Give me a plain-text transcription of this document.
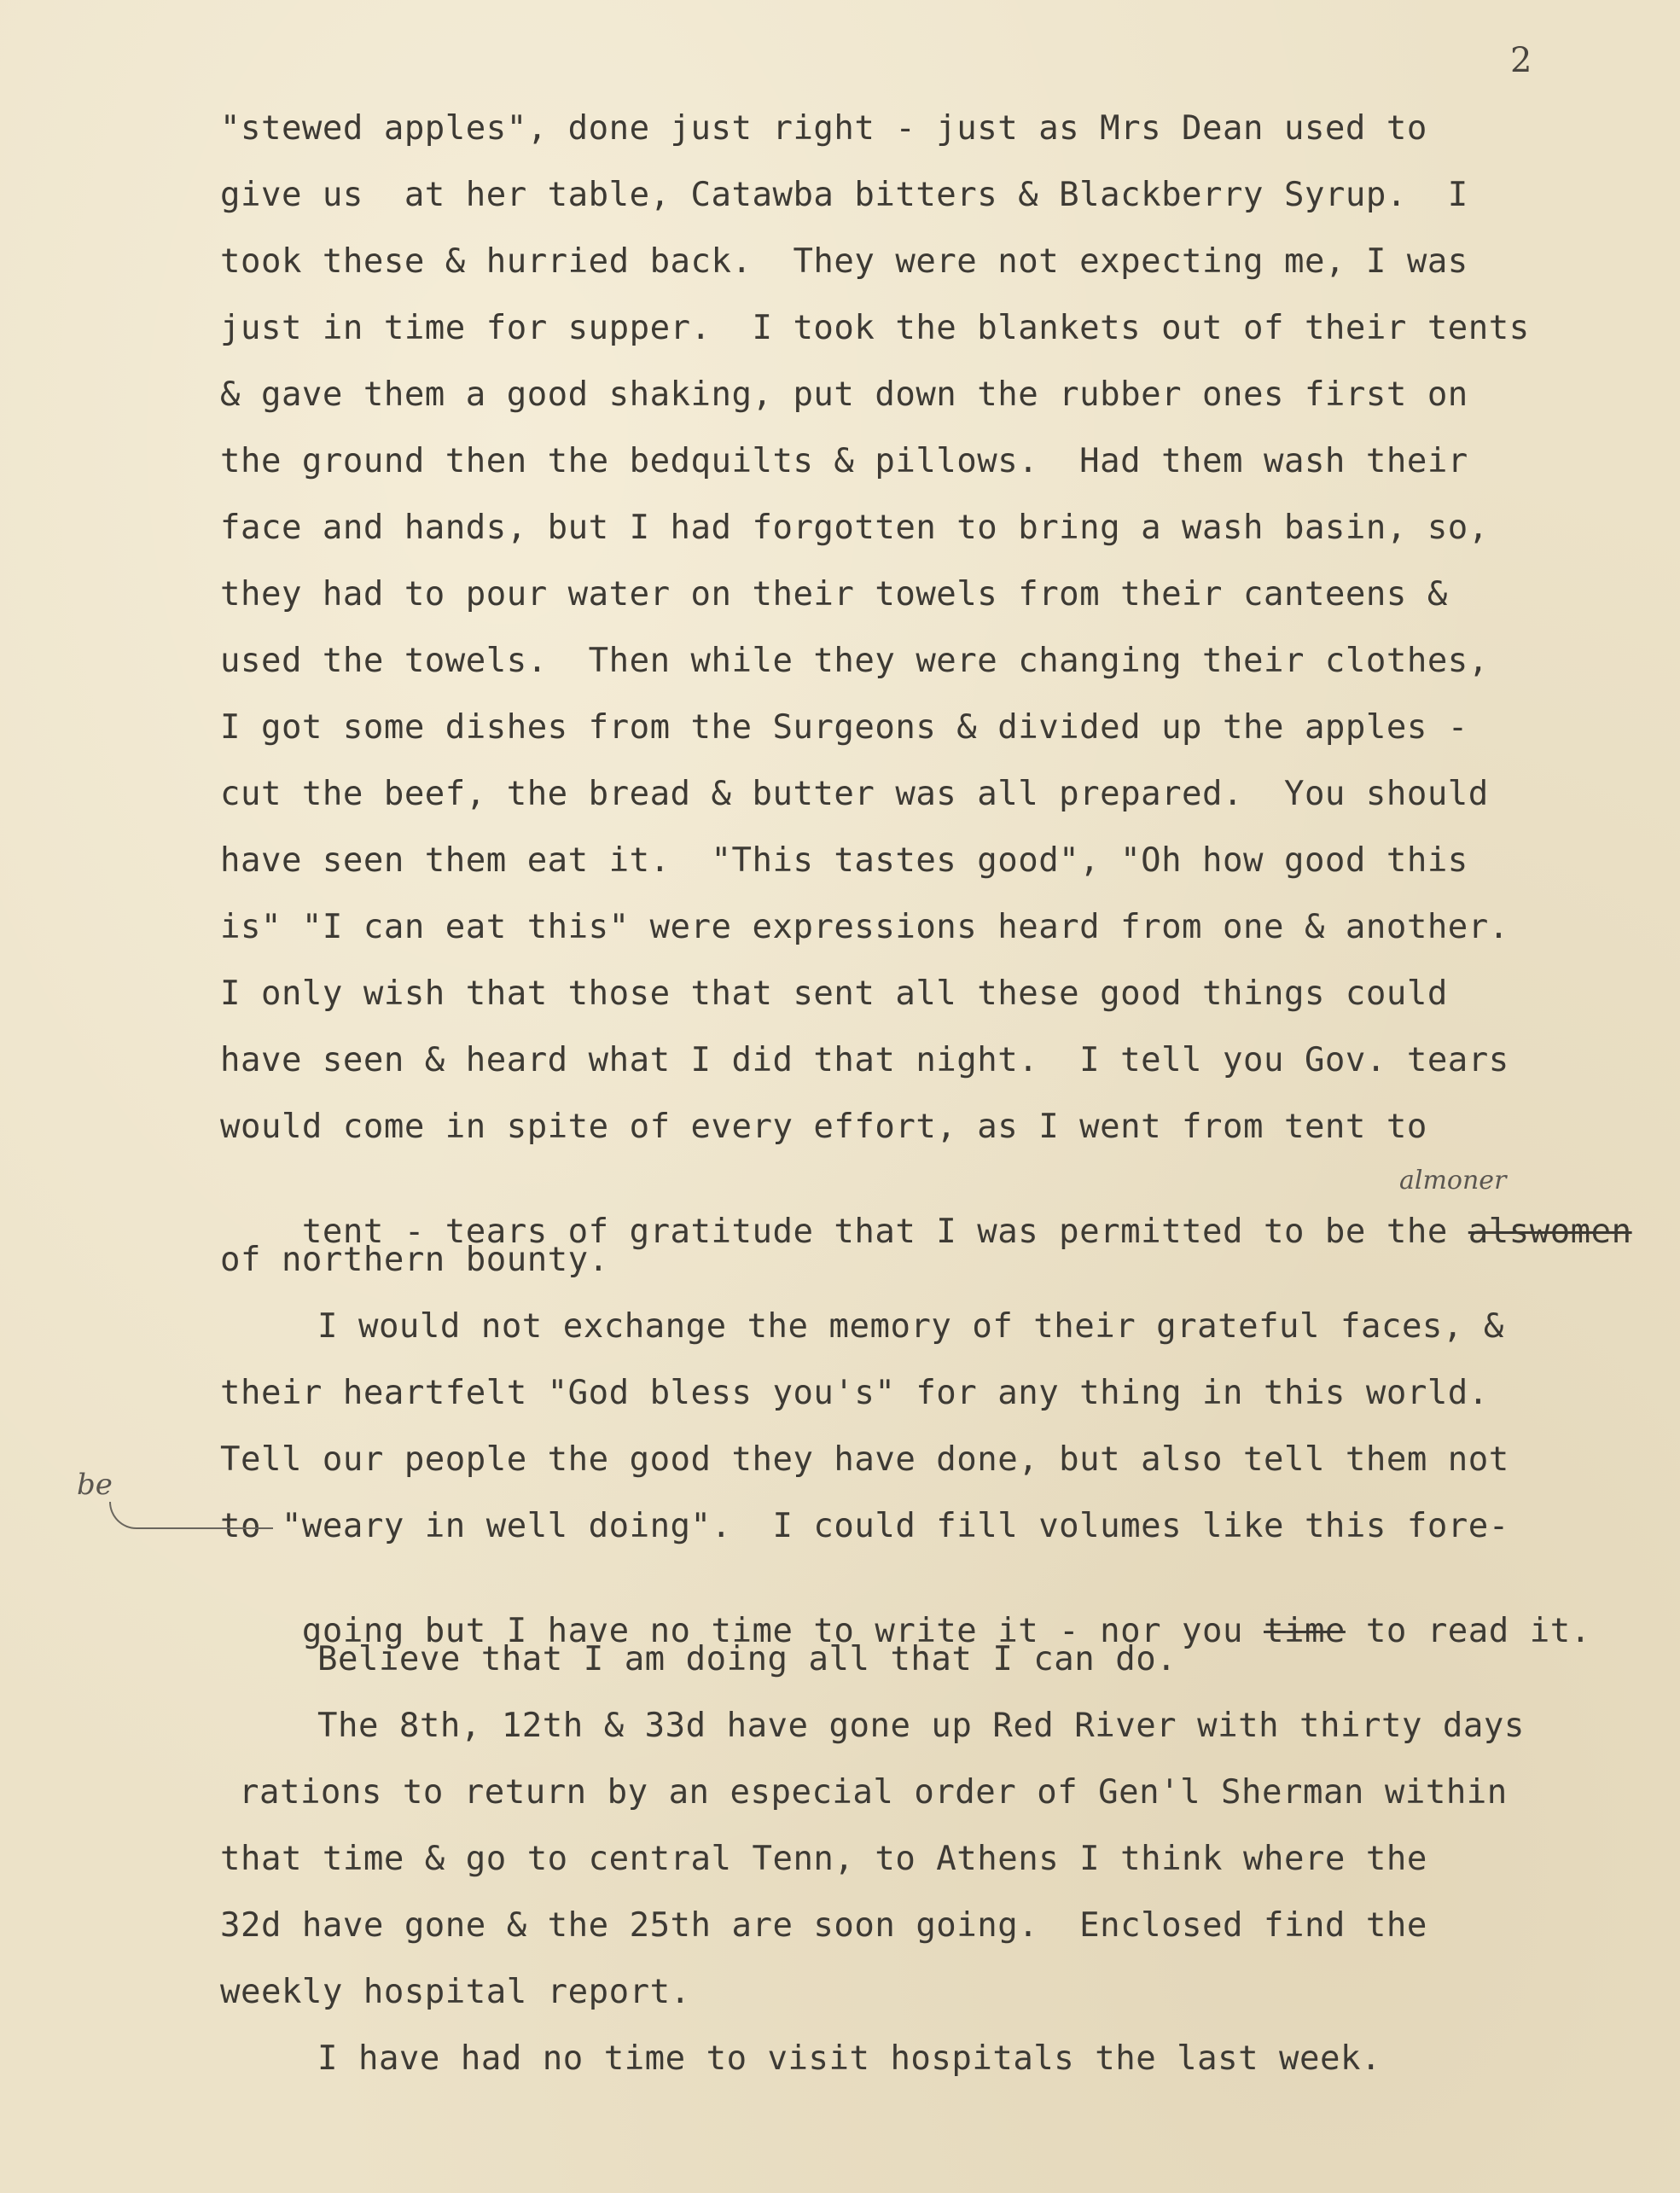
2
"stewed apples", done just right - just as Mrs Dean used to
give us  at her table, Catawba bitters & Blackberry Syrup.  I
took these & hurried back.  They were not expecting me, I was
just in time for supper.  I took the blankets out of their tents
& gave them a good shaking, put down the rubber ones first on
the ground then the bedquilts & pillows.  Had them wash their
face and hands, but I had forgotten to bring a wash basin, so,
they had to pour water on their towels from their canteens &
used the towels.  Then while they were changing their clothes,
I got some dishes from the Surgeons & divided up the apples -
cut the beef, the bread & butter was all prepared.  You should
have seen them eat it.  "This tastes good", "Oh how good this
is" "I can eat this" were expressions heard from one & another.
I only wish that those that sent all these good things could
have seen & heard what I did that night.  I tell you Gov. tears
would come in spite of every effort, as I went from tent to

tent - tears of gratitude that I was permitted to be the alswomen

almoner
of northern bounty.
I would not exchange the memory of their grateful faces, &
their heartfelt "God bless you's" for any thing in this world.
Tell our people the good they have done, but also tell them not
to "weary in well doing".  I could fill volumes like this fore-
be

going but I have no time to write it - nor you time to read it.

Believe that I am doing all that I can do.
The 8th, 12th & 33d have gone up Red River with thirty days
rations to return by an especial order of Gen'l Sherman within
that time & go to central Tenn, to Athens I think where the
32d have gone & the 25th are soon going.  Enclosed find the
weekly hospital report.
I have had no time to visit hospitals the last week.
